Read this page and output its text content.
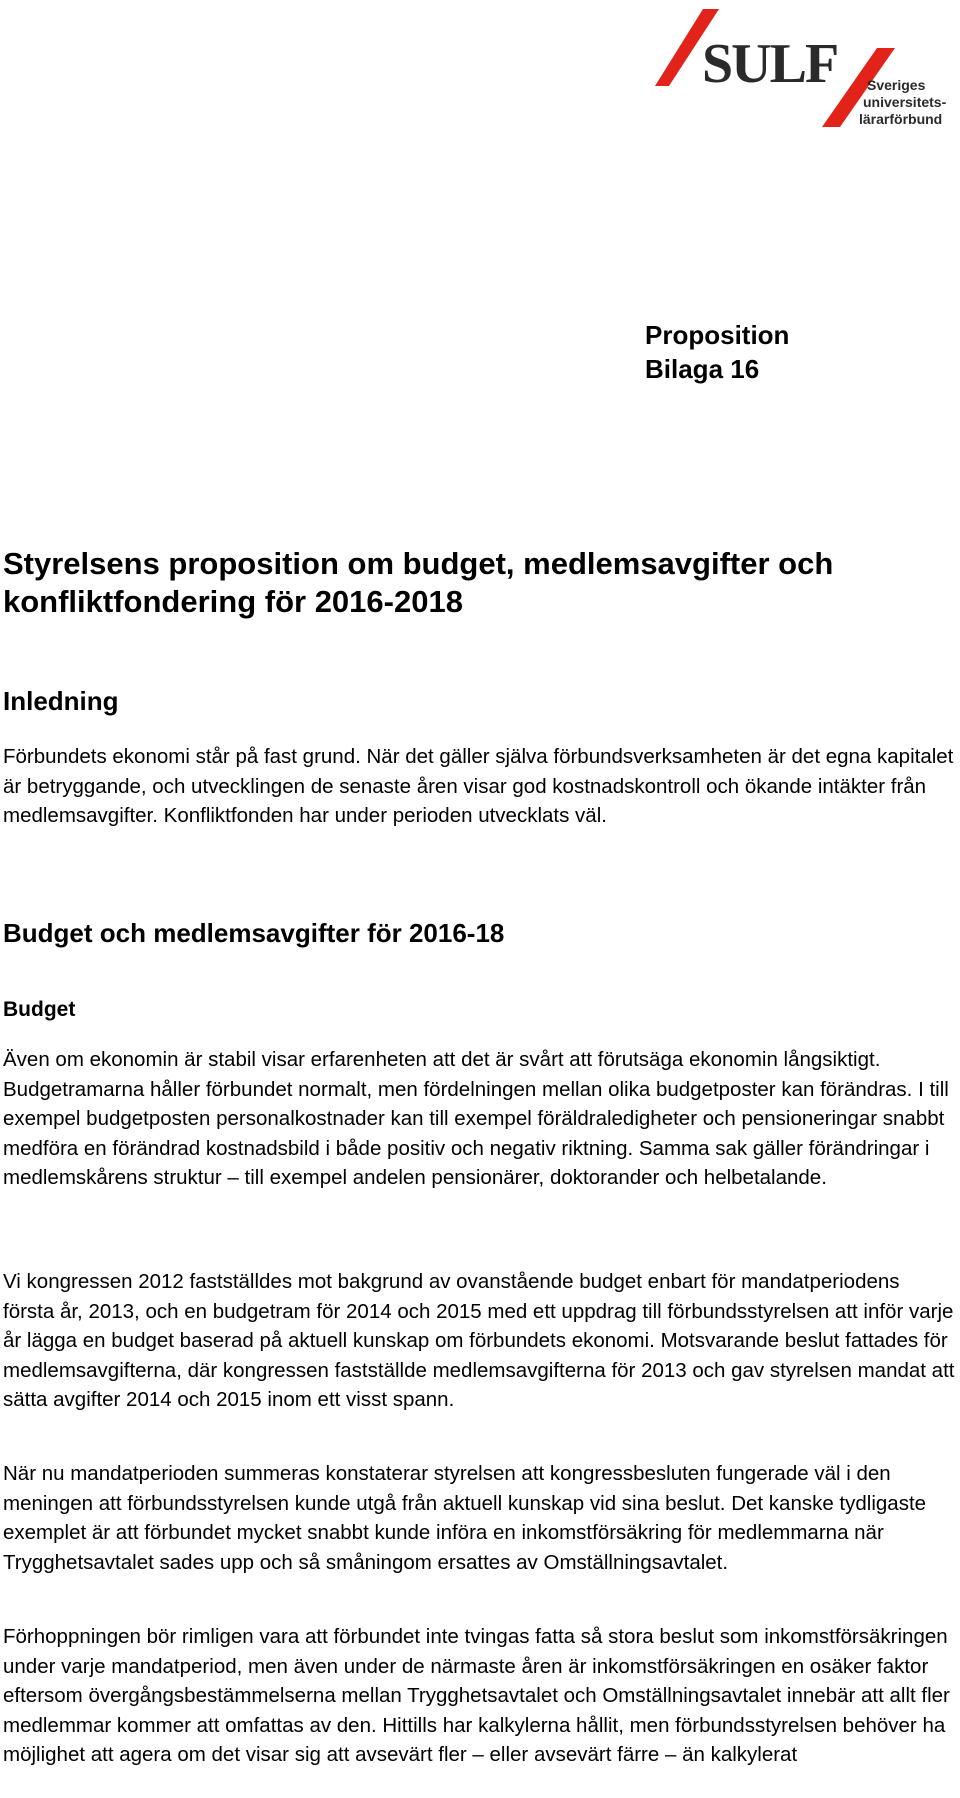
SULF Sveriges
universitets-
lärarförbund
Proposition
Bilaga 16
Styrelsens proposition om budget, medlemsavgifter och konfliktfondering för 2016-2018
Inledning

Förbundets ekonomi står på fast grund. När det gäller själva förbundsverksamheten är det egna kapitalet är betryggande, och utvecklingen de senaste åren visar god kostnadskontroll och ökande intäkter från medlemsavgifter. Konfliktfonden har under perioden utvecklats väl.

Budget och medlemsavgifter för 2016-18
Budget

Även om ekonomin är stabil visar erfarenheten att det är svårt att förutsäga ekonomin långsiktigt. Budgetramarna håller förbundet normalt, men fördelningen mellan olika budgetposter kan förändras. I till exempel budgetposten personalkostnader kan till exempel föräldraledigheter och pensioneringar snabbt medföra en förändrad kostnadsbild i både positiv och negativ riktning. Samma sak gäller förändringar i medlemskårens struktur – till exempel andelen pensionärer, doktorander och helbetalande.

Vi kongressen 2012 fastställdes mot bakgrund av ovanstående budget enbart för mandatperiodens första år, 2013, och en budgetram för 2014 och 2015 med ett uppdrag till förbundsstyrelsen att inför varje år lägga en budget baserad på aktuell kunskap om förbundets ekonomi. Motsvarande beslut fattades för medlemsavgifterna, där kongressen fastställde medlemsavgifterna för 2013 och gav styrelsen mandat att sätta avgifter 2014 och 2015 inom ett visst spann.

När nu mandatperioden summeras konstaterar styrelsen att kongressbesluten fungerade väl i den meningen att förbundsstyrelsen kunde utgå från aktuell kunskap vid sina beslut. Det kanske tydligaste exemplet är att förbundet mycket snabbt kunde införa en inkomstförsäkring för medlemmarna när Trygghetsavtalet sades upp och så småningom ersattes av Omställningsavtalet.

Förhoppningen bör rimligen vara att förbundet inte tvingas fatta så stora beslut som inkomstförsäkringen under varje mandatperiod, men även under de närmaste åren är inkomstförsäkringen en osäker faktor eftersom övergångsbestämmelserna mellan Trygghetsavtalet och Omställningsavtalet innebär att allt fler medlemmar kommer att omfattas av den. Hittills har kalkylerna hållit, men förbundsstyrelsen behöver ha möjlighet att agera om det visar sig att avsevärt fler – eller avsevärt färre – än kalkylerat
